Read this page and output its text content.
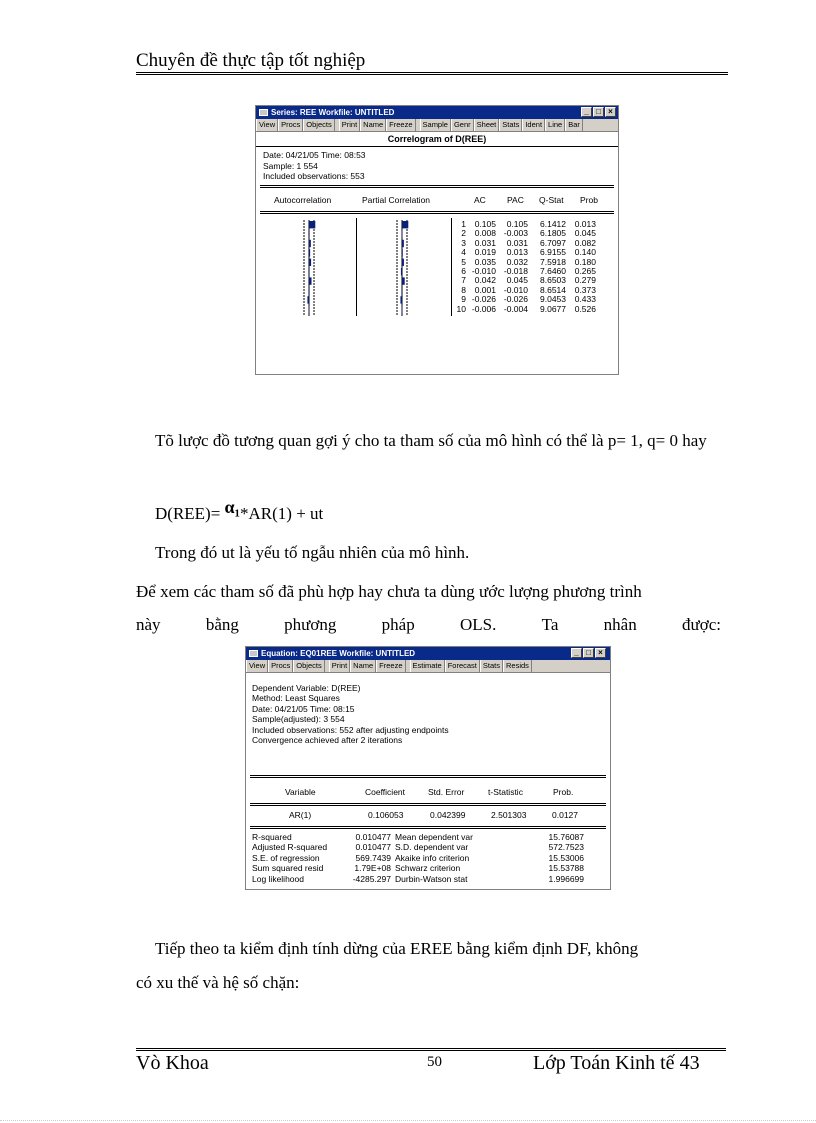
Chuyên đề thực tập tốt nghiệp
Series: REE Workfile: UNTITLED	_ □ ×
View Procs Objects	Print Name Freeze	Sample Genr Sheet Stats Ident Line Bar
Correlogram of D(REE)
Date: 04/21/05 Time: 08:53
Sample: 1 554
Included observations: 553
Autocorrelation	Partial Correlation	AC PAC Q-Stat Prob
1	0.105	0.105	6.1412	0.013
2	0.008	-0.003	6.1805	0.045
3	0.031	0.031	6.7097	0.082
4	0.019	0.013	6.9155	0.140
5	0.035	0.032	7.5918	0.180
6	-0.010	-0.018	7.6460	0.265
7	0.042	0.045	8.6503	0.279
8	0.001	-0.010	8.6514	0.373
9	-0.026	-0.026	9.0453	0.433
10	-0.006	-0.004	9.0677	0.526
Tõ lược đồ tương quan gợi ý cho ta tham số của mô hình có thể là p= 1, q= 0 hay
D(REE)= α₁*AR(1) + ut
Trong đó ut là yếu tố ngẫu nhiên của mô hình.
Để xem các tham số đã phù hợp hay chưa ta dùng ước lượng phương trình
này	bằng	phương	pháp	OLS.	Ta	nhân	được:
Equation: EQ01REE Workfile: UNTITLED	_ □ ×
View Procs Objects	Print Name Freeze	Estimate Forecast Stats Resids
Dependent Variable: D(REE)
Method: Least Squares
Date: 04/21/05 Time: 08:15
Sample(adjusted): 3 554
Included observations: 552 after adjusting endpoints
Convergence achieved after 2 iterations
Variable	Coefficient	Std. Error	t-Statistic	Prob.
AR(1)	0.106053	0.042399	2.501303	0.0127
R-squared	0.010477 Mean dependent var	15.76087
Adjusted R-squared	0.010477 S.D. dependent var	572.7523
S.E. of regression	569.7439 Akaike info criterion	15.53006
Sum squared resid	1.79E+08 Schwarz criterion	15.53788
Log likelihood	-4285.297 Durbin-Watson stat	1.996699
Tiếp theo ta kiểm định tính dừng của EREE bằng kiểm định DF, không
có xu thế và hệ số chặn:
Vò Khoa	50	Lớp Toán Kinh tế 43
